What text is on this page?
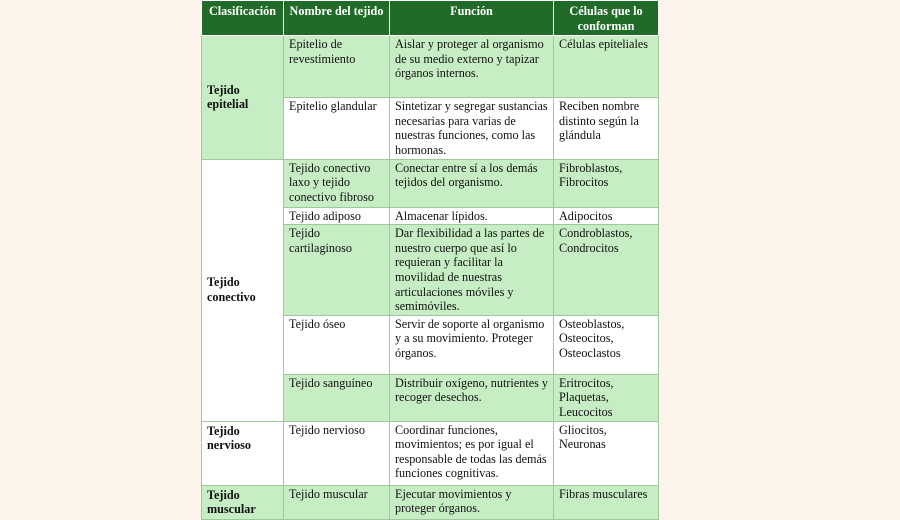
Clasificación	Nombre del tejido	Función	Células que lo conforman
Tejido epitelial	Epitelio de revestimiento	Aislar y proteger al organismo de su medio externo y tapizar órganos internos.	Células epiteliales
	Epitelio glandular	Sintetizar y segregar sustancias necesarias para varias de nuestras funciones, como las hormonas.	Reciben nombre distinto según la glándula
Tejido conectivo	Tejido conectivo laxo y tejido conectivo fibroso	Conectar entre sí a los demás tejidos del organismo.	Fibroblastos, Fibrocitos
	Tejido adiposo	Almacenar lípidos.	Adipocitos
	Tejido cartilaginoso	Dar flexibilidad a las partes de nuestro cuerpo que así lo requieran y facilitar la movilidad de nuestras articulaciones móviles y semimóviles.	Condroblastos, Condrocitos
	Tejido óseo	Servir de soporte al organismo y a su movimiento. Proteger órganos.	Osteoblastos, Osteocitos, Osteoclastos
	Tejido sanguíneo	Distribuir oxígeno, nutrientes y recoger desechos.	Eritrocitos, Plaquetas, Leucocitos
Tejido nervioso	Tejido nervioso	Coordinar funciones, movimientos; es por igual el responsable de todas las demás funciones cognitivas.	Gliocitos, Neuronas
Tejido muscular	Tejido muscular	Ejecutar movimientos y proteger órganos.	Fibras musculares
